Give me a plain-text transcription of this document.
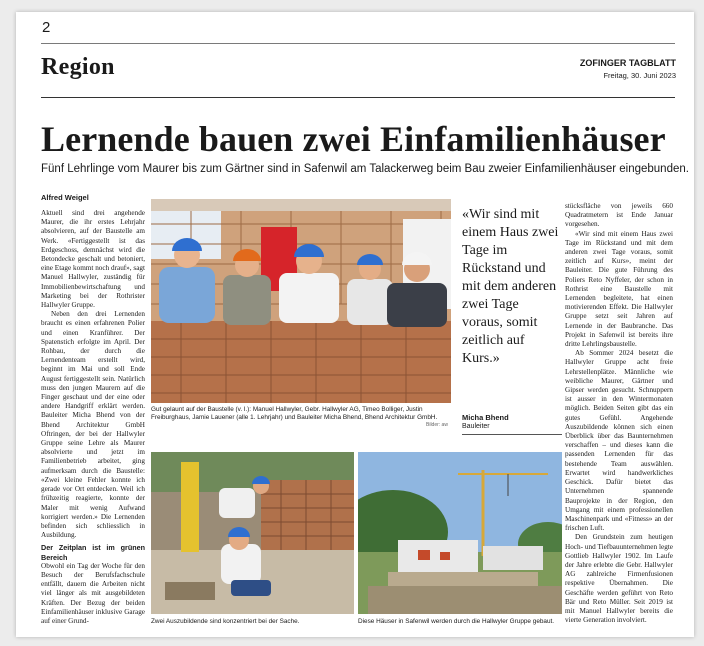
2
Region	ZOFINGER TAGBLATT
Freitag, 30. Juni 2023
Lernende bauen zwei Einfamilienhäuser
Fünf Lehrlinge vom Maurer bis zum Gärtner sind in Safenwil am Talackerweg beim Bau zweier Einfamilienhäuser eingebunden.
Alfred Weigel

Aktuell sind drei angehende Maurer, die ihr erstes Lehrjahr absolvieren, auf der Baustelle am Werk. «Fertiggestellt ist das Erdgeschoss, demnächst wird die Betondecke geschalt und betoniert, eine Etage kommt noch drauf», sagt Manuel Hallwyler, zuständig für Immobilienbewirtschaftung und Marketing bei der Rothrister Hallwyler Gruppe.

Neben den drei Lernenden braucht es einen erfahrenen Polier und einen Kranführer. Der Spatenstich erfolgte im April. Der Rohbau, der durch die Lernendenteam erstellt wird, beginnt im Mai und soll Ende August fertiggestellt sein. Natürlich muss den jungen Maurern auf die Finger geschaut und der eine oder andere Handgriff erklärt werden. Bauleiter Micha Bhend von der Bhend Architektur GmbH Oftringen, der bei der Hallwyler Gruppe seine Lehre als Maurer absolvierte und jetzt im Familienbetrieb arbeitet, ging aufmerksam durch die Baustelle: «Zwei kleine Fehler konnte ich gerade vor Ort entdecken. Weil ich frühzeitig reagierte, konnte der Maler mit wenig Aufwand korrigiert werden.» Die Lernenden befinden sich schliesslich in Ausbildung.

Der Zeitplan ist im grünen Bereich

Obwohl ein Tag der Woche für den Besuch der Berufsfachschule entfällt, dauern die Arbeiten nicht viel länger als mit ausgebildeten Kräften. Der Bezug der beiden Einfamilienhäuser inklusive Garage auf einer Grund-

Gut gelaunt auf der Baustelle (v. l.): Manuel Hallwyler, Gebr. Hallwyler AG, Timeo Bolliger, Justin Freiburghaus, Jamie Lauener (alle 1. Lehrjahr) und Bauleiter Micha Bhend, Bhend Architektur GmbH.
Bilder: aw
«Wir sind mit einem Haus zwei Tage im Rückstand und mit dem anderen zwei Tage voraus, somit zeitlich auf Kurs.»
Micha Bhend
Bauleiter

stücksfläche von jeweils 660 Quadratmetern ist Ende Januar vorgesehen.

«Wir sind mit einem Haus zwei Tage im Rückstand und mit dem anderen zwei Tage voraus, somit zeitlich auf Kurs», meint der Bauleiter. Die gute Führung des Poliers Reto Nyffeler, der schon in Rothrist eine Baustelle mit Lernenden begleitete, hat einen motivierenden Effekt. Die Hallwyler Gruppe setzt seit Jahren auf Lernende in der Baubranche. Das Projekt in Safenwil ist bereits ihre dritte Lehrlingsbaustelle.

Ab Sommer 2024 besetzt die Hallwyler Gruppe acht freie Lehrstellenplätze. Männliche wie weibliche Maurer, Gärtner und Gipser werden gesucht. Schnuppern ist ausser in den Wintermonaten möglich. Beiden Seiten gibt das ein gutes Gefühl. Angehende Auszubildende können sich einen Überblick über das Baunternehmen verschaffen – und dieses kann die passenden Lernenden für das bestehende Team auswählen. Erwartet wird handwerkliches Geschick. Dafür bietet das Unternehmen spannende Bauprojekte in der Region, den Umgang mit einem professionellen Maschinenpark und «Fitness» an der frischen Luft.

Den Grundstein zum heutigen Hoch- und Tiefbauunternehmen legte Gottlieb Hallwyler 1902. Im Laufe der Jahre erlebte die Gebr. Hallwyler AG zahlreiche Firmenfusionen respektive Übernahmen. Die Geschäfte werden geführt von Reto Bär und Reto Müller. Seit 2019 ist mit Manuel Hallwyler bereits die vierte Generation involviert.

Zwei Auszubildende sind konzentriert bei der Sache.	Diese Häuser in Safenwil werden durch die Hallwyler Gruppe gebaut.
